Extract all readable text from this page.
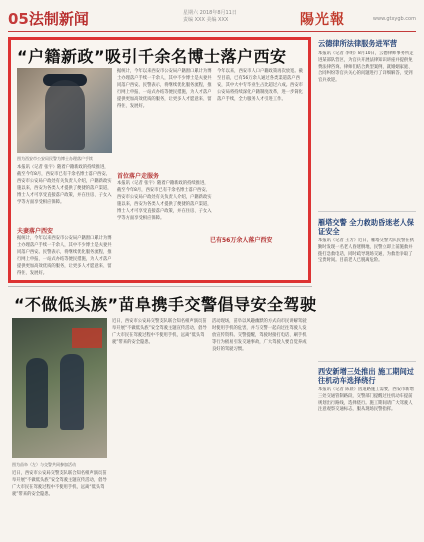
05法制新闻	星期六 2018年8月11日
责编 XXX 美编 XXX	陽光報	www.gtxygb.com
“户籍新政”吸引千余名博士落户西安
图为西安市公安局民警为博士办理落户手续
本报讯（记者 张宇）随着户籍新政的持续推进，截至今年8月，西安市已有千余名博士落户西安。西安市公安局户政处有关负责人介绍，户籍新政实施以来，西安为各类人才提供了便捷的落户渠道，博士人才可享受直接落户政策，并在住房、子女入学等方面享受相应保障。
夫妻落户西安
据统计，今年以来西安市公安局户籍窗口累计为博士办理落户手续一千余人，其中不少博士是夫妻共同落户西安。民警表示，将继续优化服务流程，推行网上申报、一站式办结等便民措施，为人才落户提供更加高效优质的服务，让更多人才愿意来、留得住、发展好。
据统计，今年以来西安市公安局户籍窗口累计为博士办理落户手续一千余人，其中不少博士是夫妻共同落户西安。民警表示，将继续优化服务流程，推行网上申报、一站式办结等便民措施，为人才落户提供更加高效优质的服务，让更多人才愿意来、留得住、发展好。
首位落户走服务
本报讯（记者 张宇）随着户籍新政的持续推进，截至今年8月，西安市已有千余名博士落户西安。西安市公安局户政处有关负责人介绍，户籍新政实施以来，西安为各类人才提供了便捷的落户渠道，博士人才可享受直接落户政策，并在住房、子女入学等方面享受相应保障。
今年以来，西安市人口户籍政策再次放宽。截至目前，已有56万余人通过各类渠道落户西安，其中大中专毕业生占比超过六成。西安市公安局将持续深化户籍制度改革，进一步简化落户手续，全力服务人才引进工作。
已有56万余人落户西安
云德律所法律服务进军营
本报讯（记者 李明）8月10日，云德律师事务所走进某部队营区，为官兵开展法律知识讲座并提供免费法律咨询。律师们结合典型案例，就婚姻家庭、合同纠纷等官兵关心的问题进行了详细解答，受到官兵欢迎。
雁塔交警 全力救助昏迷老人保证安全
本报讯（记者 王芳）近日，雁塔交警大队民警在执勤时发现一名老人昏迷倒地，民警立即上前施救并拨打急救电话，同时疏导现场交通，为救治争取了宝贵时间。目前老人已脱离危险。
西安新增三处推出 施工期间过往机动车选择绕行
本报讯（记者 陈晨）因道路施工需要，西安市新增三处交通管制路段，交警部门提醒过往机动车提前规划出行路线，选择绕行。施工期间请广大驾驶人注意观察交通标志，服从现场民警指挥。
“不做低头族”苗阜携手交警倡导安全驾驶
图为苗阜（左）与交警共同参加活动
近日，西安市公安局交警支队联合知名相声演员苗阜开展“不做低头族”安全驾驶主题宣传活动，倡导广大市民在驾驶过程中不使用手机，远离“低头驾驶”带来的安全隐患。
近日，西安市公安局交警支队联合知名相声演员苗阜开展“不做低头族”安全驾驶主题宣传活动，倡导广大市民在驾驶过程中不使用手机，远离“低头驾驶”带来的安全隐患。
活动现场，苗阜以风趣幽默的方式向市民讲解驾驶时使用手机的危害，并与交警一起向过往驾驶人发放宣传资料。交警提醒，驾驶时接打电话、刷手机等行为极易引发交通事故，广大驾驶人要自觉养成良好的驾驶习惯。
